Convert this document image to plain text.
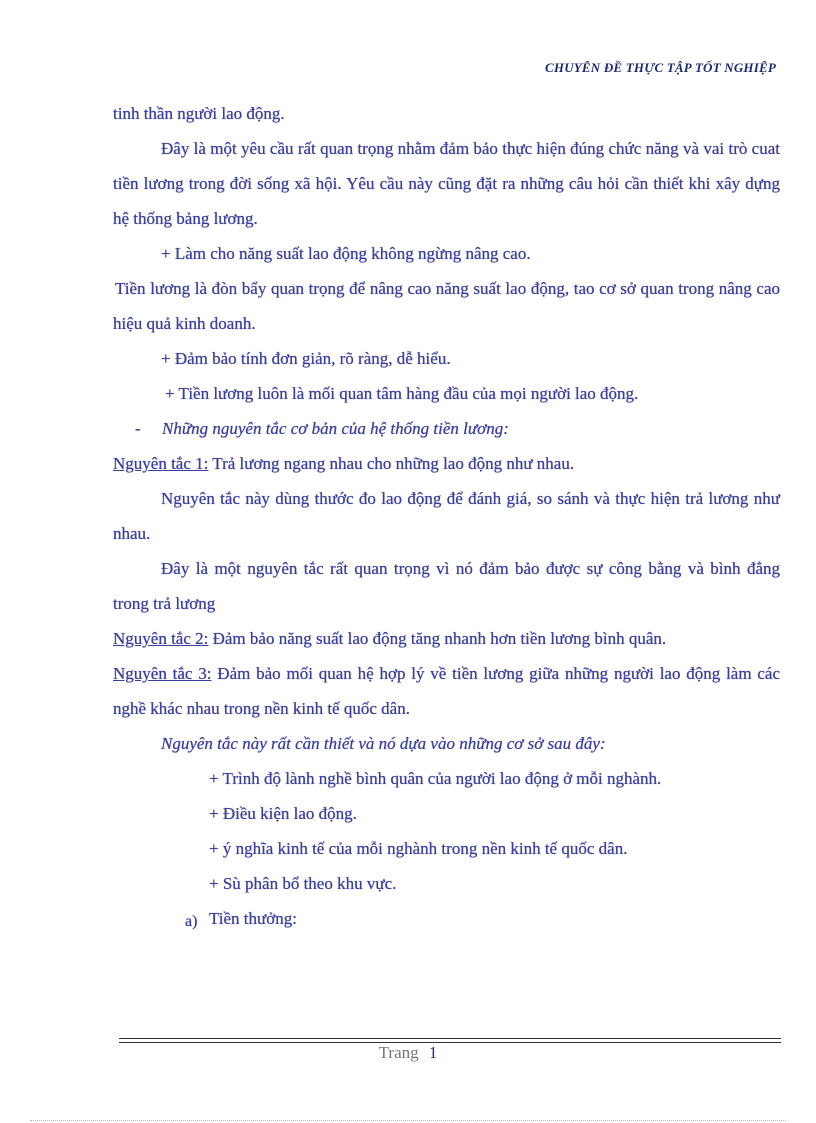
CHUYÊN ĐỀ THỰC TẬP TỐT NGHIỆP

tinh thần người lao động.

Đây là một yêu cầu rất quan trọng nhằm đảm bảo thực hiện đúng chức năng và vai trò cuat tiền lương trong đời sống xã hội. Yêu cầu này cũng đặt ra những câu hỏi cần thiết khi xây dựng hệ thống bảng lương.

+ Làm cho năng suất lao động không ngừng nâng cao.

Tiền lương là đòn bẩy quan trọng để nâng cao năng suất lao động, tao cơ sở quan trong nâng cao hiệu quả kinh doanh.

+ Đảm bảo tính đơn giản, rõ ràng, dễ hiểu.

+ Tiền lương luôn là mối quan tâm hàng đầu của mọi người lao động.

- Những nguyên tắc cơ bản của hệ thống tiền lương:

Nguyên tắc 1: Trả lương ngang nhau cho những lao động như nhau.

Nguyên tắc này dùng thước đo lao động để đánh giá, so sánh và thực hiện trả lương như nhau.

Đây là một nguyên tắc rất quan trọng vì nó đảm bảo được sự công bằng và bình đẳng trong trả lương

Nguyên tắc 2: Đảm bảo năng suất lao động tăng nhanh hơn tiền lương bình quân.

Nguyên tắc 3: Đảm bảo mối quan hệ hợp lý về tiền lương giữa những người lao động làm các nghề khác nhau trong nền kinh tế quốc dân.

Nguyên tắc này rất cần thiết và nó dựa vào những cơ sở sau đây:

+ Trình độ lành nghề bình quân của người lao động ở mỗi nghành.

+ Điều kiện lao động.

+ ý nghĩa kinh tế của mỗi nghành trong nền kinh tế quốc dân.

+ Sù phân bổ theo khu vực.

a) Tiền thưởng:

Trang 1
